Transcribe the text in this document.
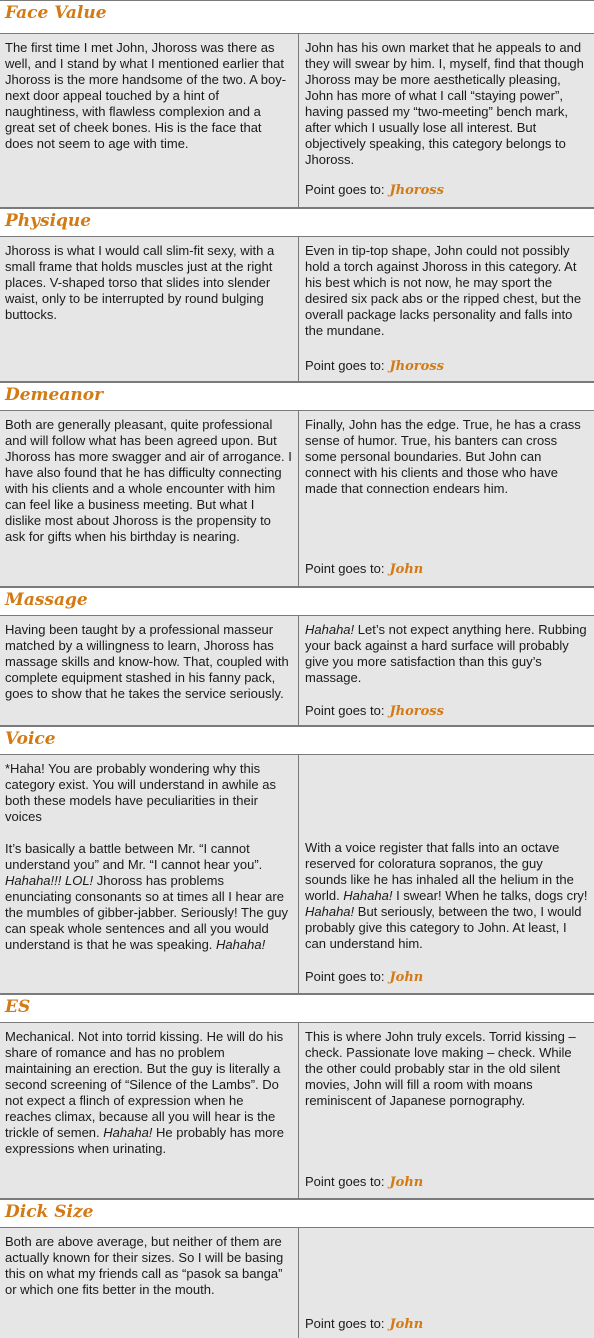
Face Value

The first time I met John, Jhoross was there as well, and I stand by what I mentioned earlier that Jhoross is the more handsome of the two. A boy-next door appeal touched by a hint of naughtiness, with flawless complexion and a great set of cheek bones. His is the face that does not seem to age with time.

John has his own market that he appeals to and they will swear by him. I, myself, find that though Jhoross may be more aesthetically pleasing, John has more of what I call “staying power”, having passed my “two-meeting” bench mark, after which I usually lose all interest. But objectively speaking, this category belongs to Jhoross.

Point goes to: Jhoross
Physique

Jhoross is what I would call slim-fit sexy, with a small frame that holds muscles just at the right places. V-shaped torso that slides into slender waist, only to be interrupted by round bulging buttocks.

Even in tip-top shape, John could not possibly hold a torch against Jhoross in this category. At his best which is not now, he may sport the desired six pack abs or the ripped chest, but the overall package lacks personality and falls into the mundane.

Point goes to: Jhoross
Demeanor

Both are generally pleasant, quite professional and will follow what has been agreed upon. But Jhoross has more swagger and air of arrogance. I have also found that he has difficulty connecting with his clients and a whole encounter with him can feel like a business meeting. But what I dislike most about Jhoross is the propensity to ask for gifts when his birthday is nearing.

Finally, John has the edge. True, he has a crass sense of humor. True, his banters can cross some personal boundaries. But John can connect with his clients and those who have made that connection endears him.

Point goes to: John
Massage

Having been taught by a professional masseur matched by a willingness to learn, Jhoross has massage skills and know-how. That, coupled with complete equipment stashed in his fanny pack, goes to show that he takes the service seriously.

Hahaha! Let’s not expect anything here. Rubbing your back against a hard surface will probably give you more satisfaction than this guy’s massage.

Point goes to: Jhoross
Voice

*Haha! You are probably wondering why this category exist. You will understand in awhile as both these models have peculiarities in their voices

It’s basically a battle between Mr. “I cannot understand you” and Mr. “I cannot hear you”. Hahaha!!! LOL! Jhoross has problems enunciating consonants so at times all I hear are the mumbles of gibber-jabber. Seriously! The guy can speak whole sentences and all you would understand is that he was speaking. Hahaha!

With a voice register that falls into an octave reserved for coloratura sopranos, the guy sounds like he has inhaled all the helium in the world. Hahaha! I swear! When he talks, dogs cry! Hahaha! But seriously, between the two, I would probably give this category to John. At least, I can understand him.

Point goes to: John
ES

Mechanical. Not into torrid kissing. He will do his share of romance and has no problem maintaining an erection. But the guy is literally a second screening of “Silence of the Lambs”. Do not expect a flinch of expression when he reaches climax, because all you will hear is the trickle of semen. Hahaha! He probably has more expressions when urinating.

This is where John truly excels. Torrid kissing – check. Passionate love making – check. While the other could probably star in the old silent movies, John will fill a room with moans reminiscent of Japanese pornography.

Point goes to: John
Dick Size

Both are above average, but neither of them are actually known for their sizes. So I will be basing this on what my friends call as “pasok sa banga” or which one fits better in the mouth.

Point goes to: John
